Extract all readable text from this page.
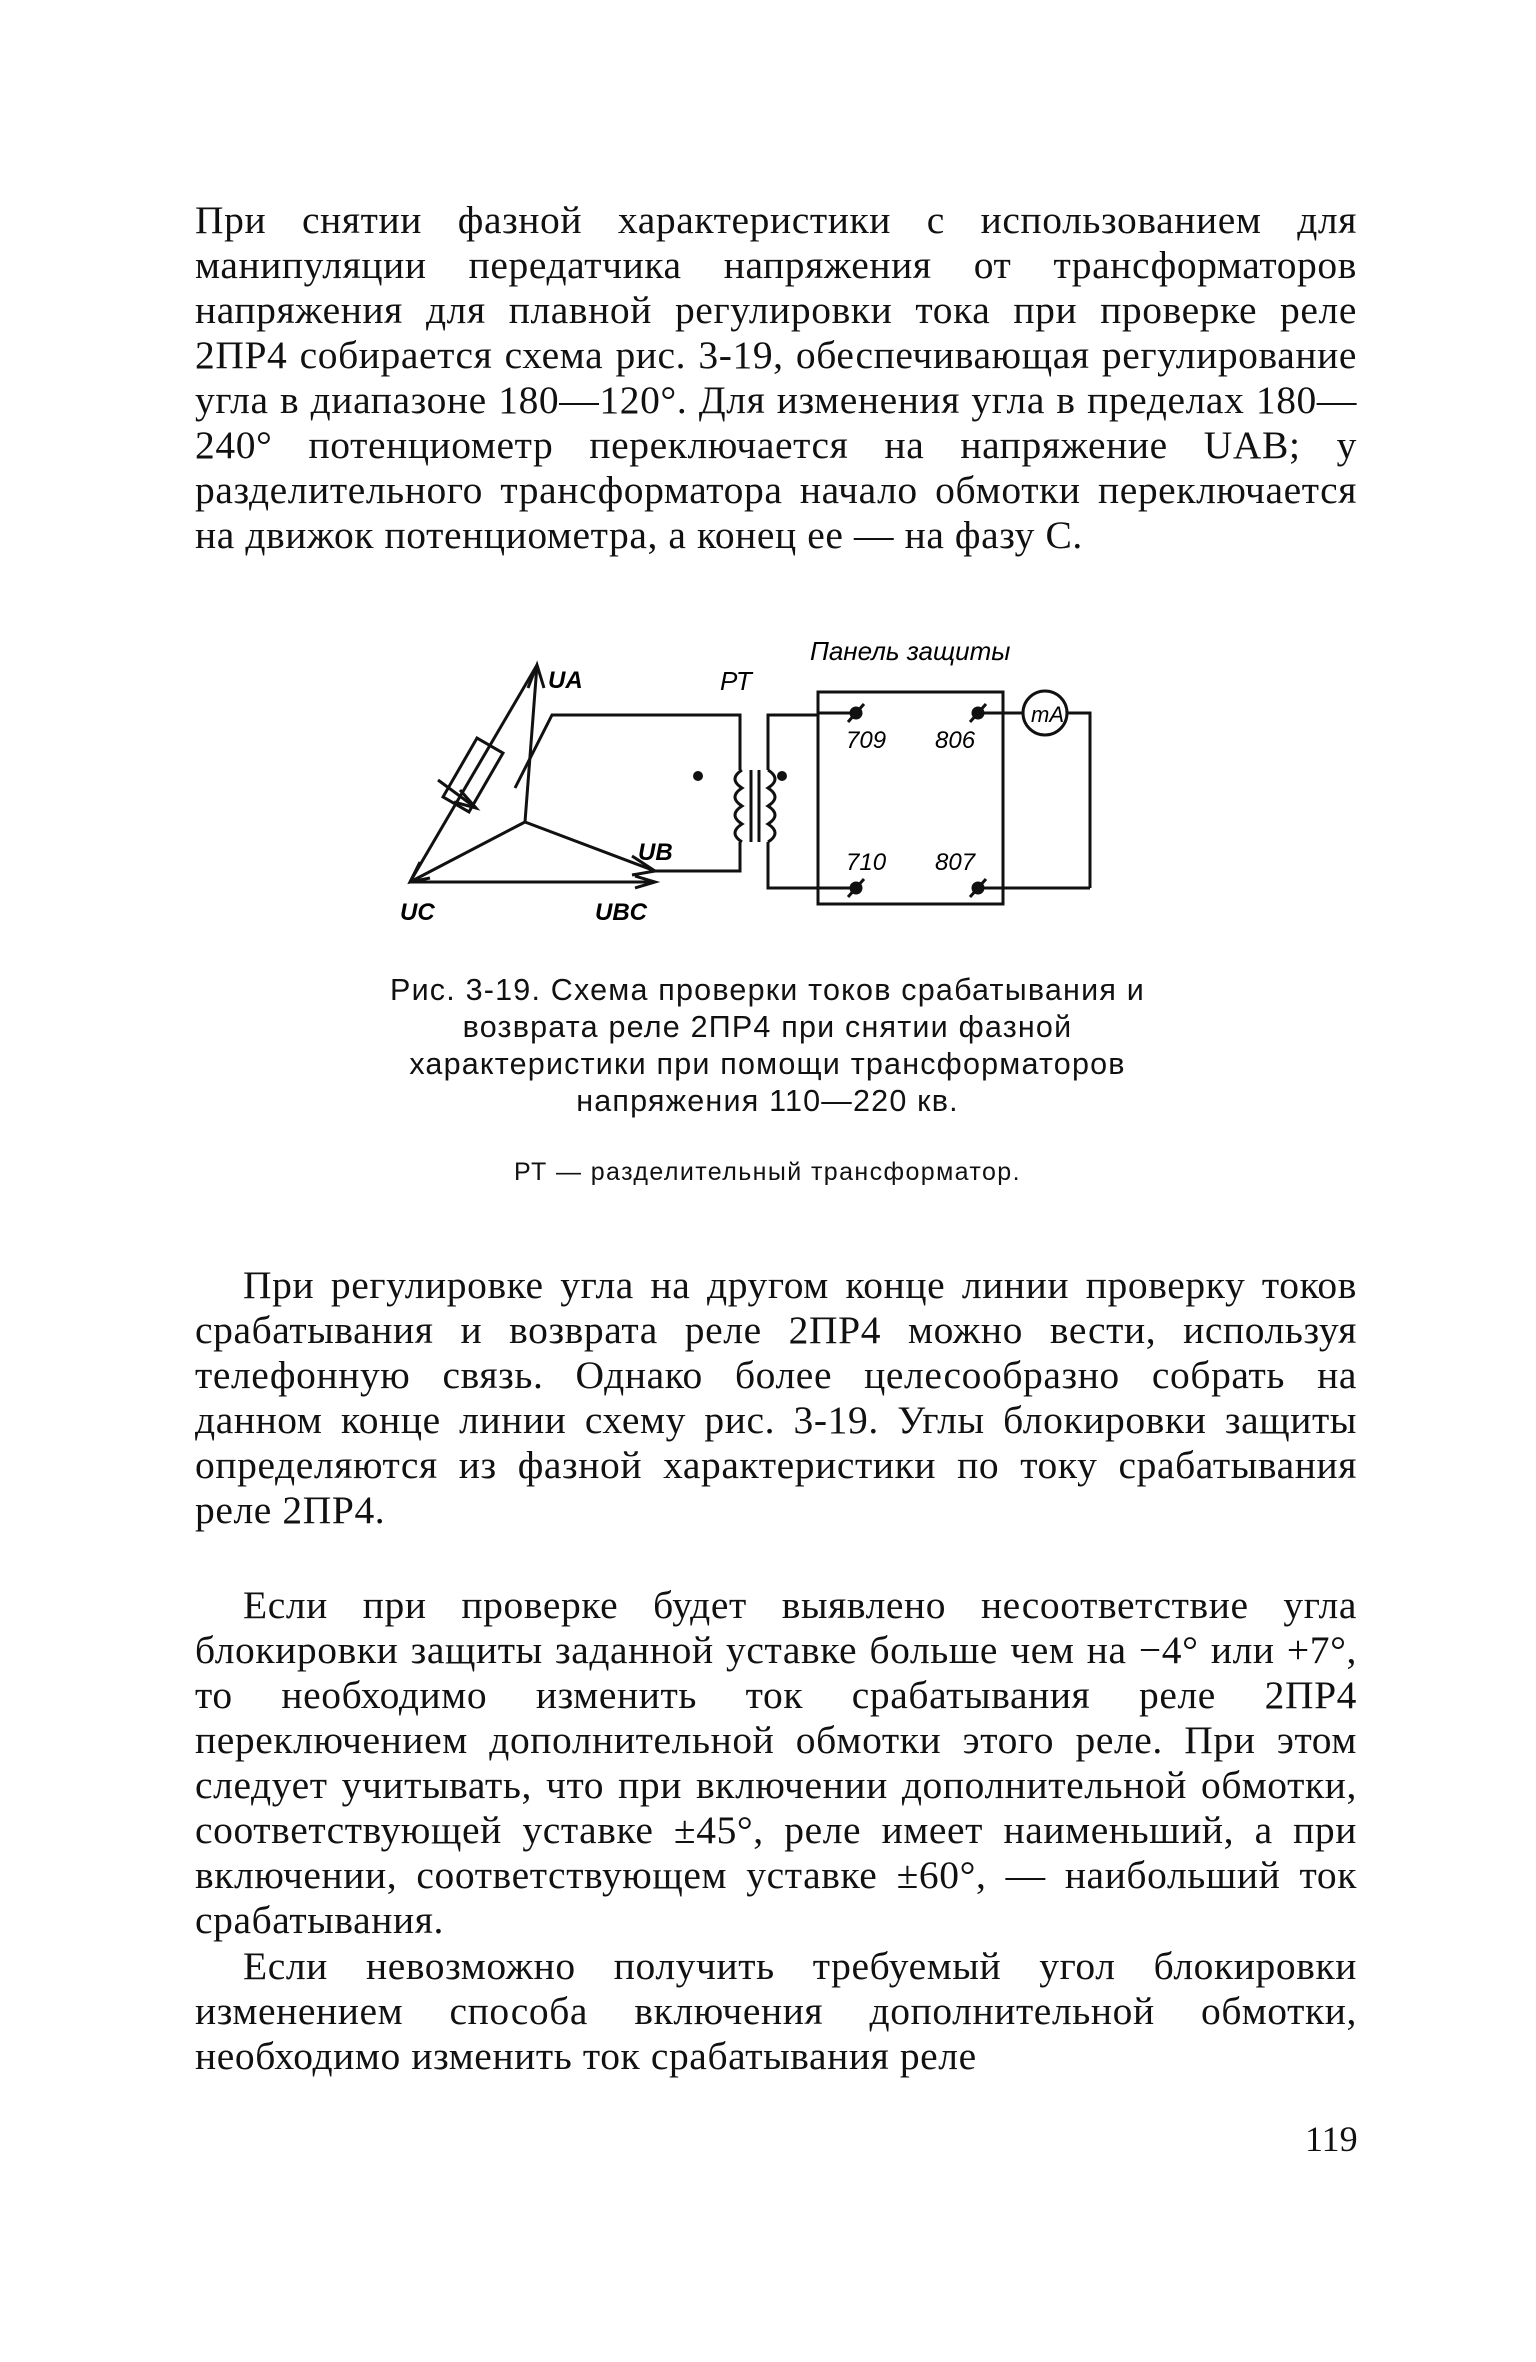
При снятии фазной характеристики с использованием для манипуляции передатчика напряжения от трансформаторов напряжения для плавной регулировки тока при проверке реле 2ПР4 собирается схема рис. 3-19, обеспечивающая регулирование угла в диапазоне 180—120°. Для изменения угла в пределах 180—240° потенциометр переключается на напряжение UAB; у разделительного трансформатора начало обмотки переключается на движок потенциометра, а конец ее — на фазу C.

Панель защиты
РТ
UA
UB
UC	UBC
709 806
710 807
mA

Рис. 3-19. Схема проверки токов срабатывания и возврата реле 2ПР4 при снятии фазной характеристики при помощи трансформаторов напряжения 110—220 кв.

РТ — разделительный трансформатор.

При регулировке угла на другом конце линии проверку токов срабатывания и возврата реле 2ПР4 можно вести, используя телефонную связь. Однако более целесообразно собрать на данном конце линии схему рис. 3-19. Углы блокировки защиты определяются из фазной характеристики по току срабатывания реле 2ПР4.

Если при проверке будет выявлено несоответствие угла блокировки защиты заданной уставке больше чем на −4° или +7°, то необходимо изменить ток срабатывания реле 2ПР4 переключением дополнительной обмотки этого реле. При этом следует учитывать, что при включении дополнительной обмотки, соответствующей уставке ±45°, реле имеет наименьший, а при включении, соответствующем уставке ±60°, — наибольший ток срабатывания.

Если невозможно получить требуемый угол блокировки изменением способа включения дополнительной обмотки, необходимо изменить ток срабатывания реле

119
